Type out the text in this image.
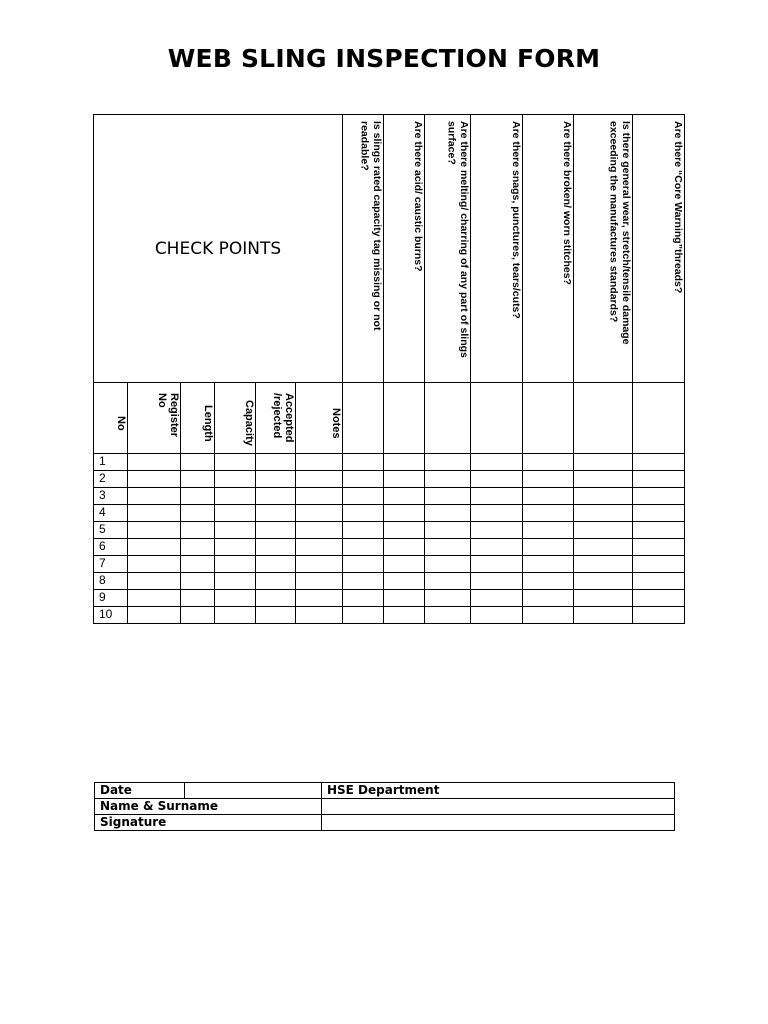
WEB SLING INSPECTION FORM
CHECK POINTS						Is slings rated capacity tag missing or not readable?	Are there acid/ caustic burns?	Are there melting/ charring of any part of slings surface?	Are there snags, punctures, tears/cuts?	Are there broken/ worn stitches?	Is there general wear, stretch/tensile damage exceeding the manufactures standards?	Are there “Core Warning”threads?

No	Register No	Length	Capacity	Accepted /rejected	Notes							

1												
2												
3												
4												
5												
6												
7												
8												
9												
10												
Date		HSE Department
Name & Surname		
Signature		
